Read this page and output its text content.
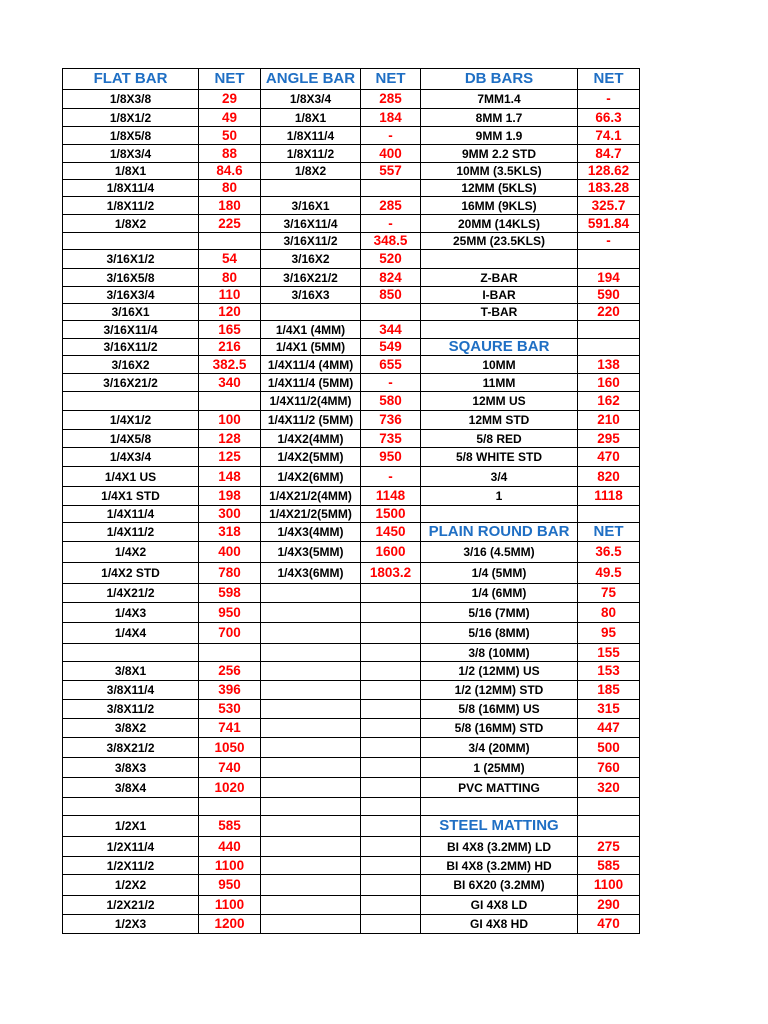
FLAT BAR	NET	ANGLE BAR	NET	DB BARS	NET
1/8X3/8	29	1/8X3/4	285	7MM1.4	-
1/8X1/2	49	1/8X1	184	8MM 1.7	66.3
1/8X5/8	50	1/8X11/4	-	9MM 1.9	74.1
1/8X3/4	88	1/8X11/2	400	9MM 2.2 STD	84.7
1/8X1	84.6	1/8X2	557	10MM (3.5KLS)	128.62
1/8X11/4	80			12MM (5KLS)	183.28
1/8X11/2	180	3/16X1	285	16MM (9KLS)	325.7
1/8X2	225	3/16X11/4	-	20MM (14KLS)	591.84
		3/16X11/2	348.5	25MM (23.5KLS)	-
3/16X1/2	54	3/16X2	520		
3/16X5/8	80	3/16X21/2	824	Z-BAR	194
3/16X3/4	110	3/16X3	850	I-BAR	590
3/16X1	120			T-BAR	220
3/16X11/4	165	1/4X1 (4MM)	344		
3/16X11/2	216	1/4X1 (5MM)	549	SQAURE BAR	
3/16X2	382.5	1/4X11/4 (4MM)	655	10MM	138
3/16X21/2	340	1/4X11/4 (5MM)	-	11MM	160
		1/4X11/2(4MM)	580	12MM US	162
1/4X1/2	100	1/4X11/2 (5MM)	736	12MM STD	210
1/4X5/8	128	1/4X2(4MM)	735	5/8 RED	295
1/4X3/4	125	1/4X2(5MM)	950	5/8 WHITE STD	470
1/4X1 US	148	1/4X2(6MM)	-	3/4	820
1/4X1 STD	198	1/4X21/2(4MM)	1148	1	1118
1/4X11/4	300	1/4X21/2(5MM)	1500		
1/4X11/2	318	1/4X3(4MM)	1450	PLAIN ROUND BAR	NET
1/4X2	400	1/4X3(5MM)	1600	3/16 (4.5MM)	36.5
1/4X2 STD	780	1/4X3(6MM)	1803.2	1/4 (5MM)	49.5
1/4X21/2	598			1/4 (6MM)	75
1/4X3	950			5/16 (7MM)	80
1/4X4	700			5/16 (8MM)	95
				3/8 (10MM)	155
3/8X1	256			1/2 (12MM) US	153
3/8X11/4	396			1/2 (12MM) STD	185
3/8X11/2	530			5/8 (16MM) US	315
3/8X2	741			5/8 (16MM) STD	447
3/8X21/2	1050			3/4 (20MM)	500
3/8X3	740			1 (25MM)	760
3/8X4	1020			PVC MATTING	320

1/2X1	585			STEEL MATTING	
1/2X11/4	440			BI 4X8 (3.2MM) LD	275
1/2X11/2	1100			BI 4X8 (3.2MM) HD	585
1/2X2	950			BI 6X20 (3.2MM)	1100
1/2X21/2	1100			GI 4X8 LD	290
1/2X3	1200			GI 4X8 HD	470
